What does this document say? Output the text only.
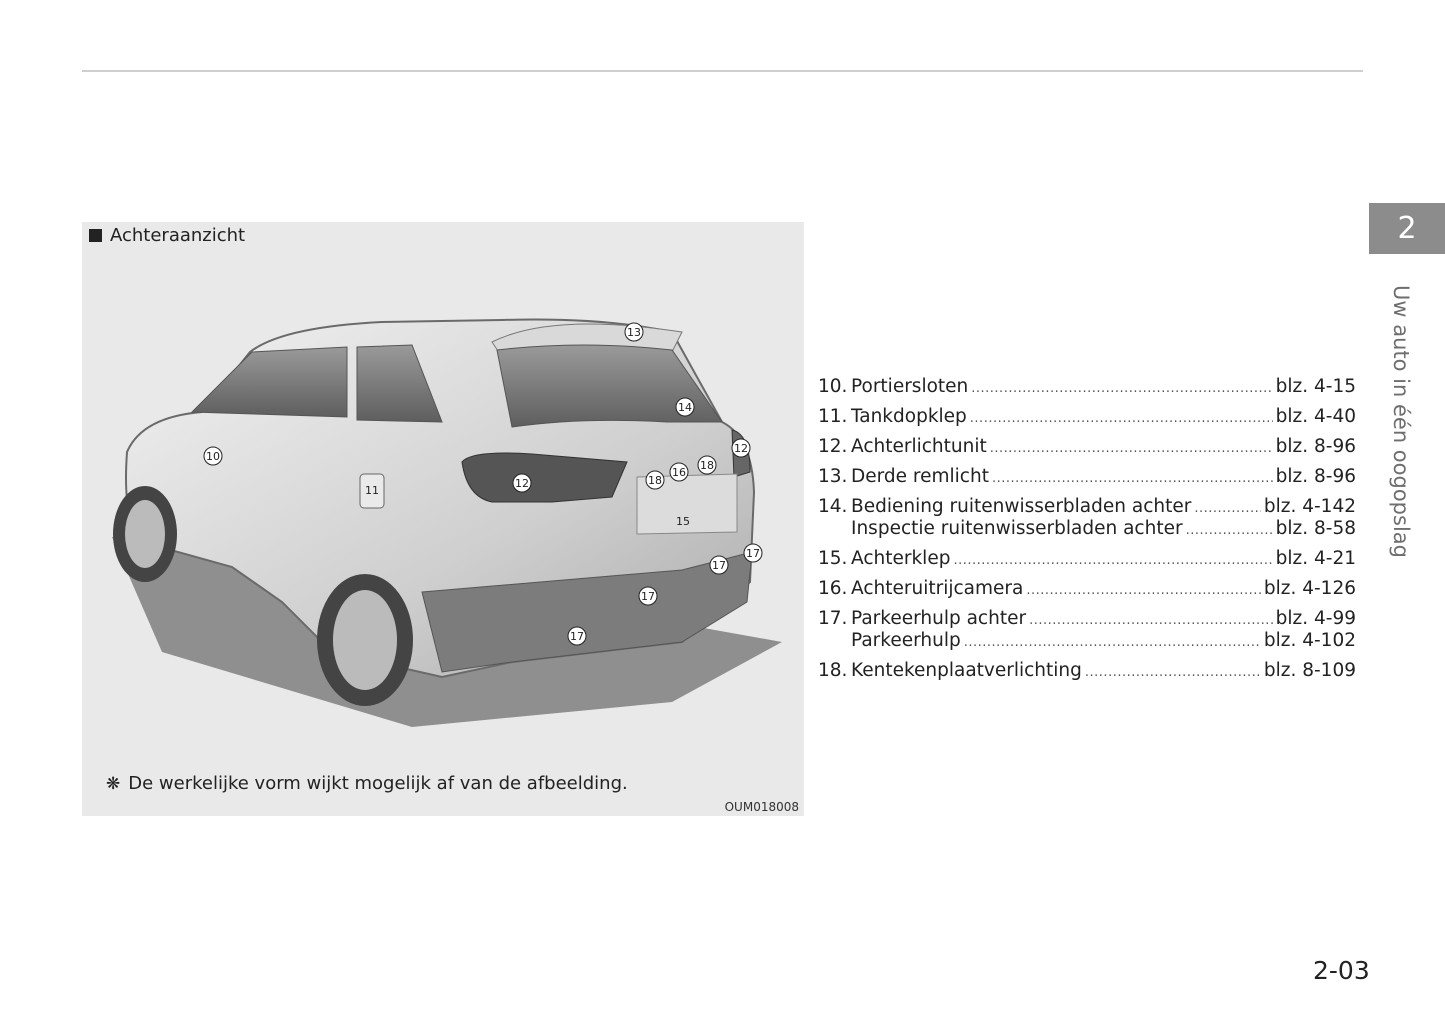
13
14
10
12
11
12
18
16
18
15
17
17
17
17
Achteraanzicht
❋ De werkelijke vorm wijkt mogelijk af van de afbeelding.
OUM018008
10. Portiersloten .....	blz. 4-15
11. Tankdopklep .....	blz. 4-40
12. Achterlichtunit .....	blz. 8-96
13. Derde remlicht .....	blz. 8-96
14. Bediening ruitenwisserbladen achter .....	blz. 4-142
Inspectie ruitenwisserbladen achter .....	blz. 8-58
15. Achterklep .....	blz. 4-21
16. Achteruitrijcamera .....	blz. 4-126
17. Parkeerhulp achter .....	blz. 4-99
Parkeerhulp .....	blz. 4-102
18. Kentekenplaatverlichting .....	blz. 8-109
2
Uw auto in één oogopslag
2-03
